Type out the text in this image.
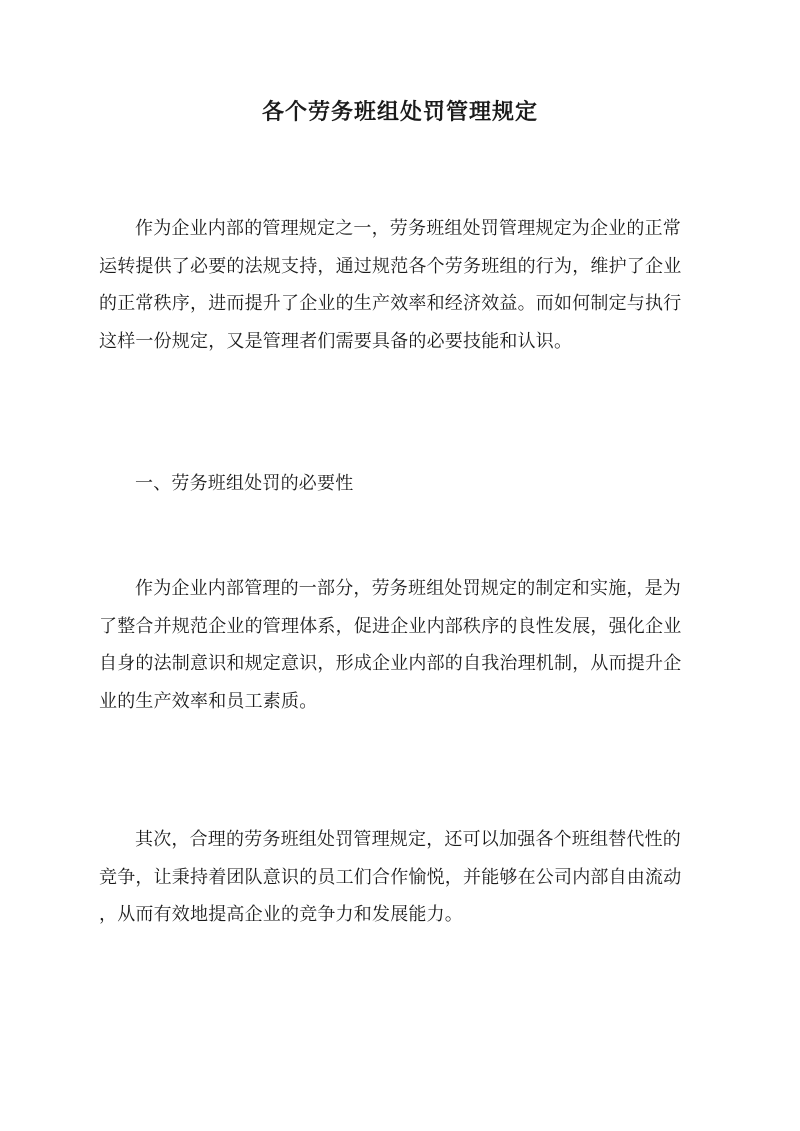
各个劳务班组处罚管理规定
作为企业内部的管理规定之一，劳务班组处罚管理规定为企业的正常
运转提供了必要的法规支持，通过规范各个劳务班组的行为，维护了企业
的正常秩序，进而提升了企业的生产效率和经济效益。而如何制定与执行
这样一份规定，又是管理者们需要具备的必要技能和认识。
一、劳务班组处罚的必要性
作为企业内部管理的一部分，劳务班组处罚规定的制定和实施，是为
了整合并规范企业的管理体系，促进企业内部秩序的良性发展，强化企业
自身的法制意识和规定意识，形成企业内部的自我治理机制，从而提升企
业的生产效率和员工素质。
其次，合理的劳务班组处罚管理规定，还可以加强各个班组替代性的
竞争，让秉持着团队意识的员工们合作愉悦，并能够在公司内部自由流动
，从而有效地提高企业的竞争力和发展能力。
